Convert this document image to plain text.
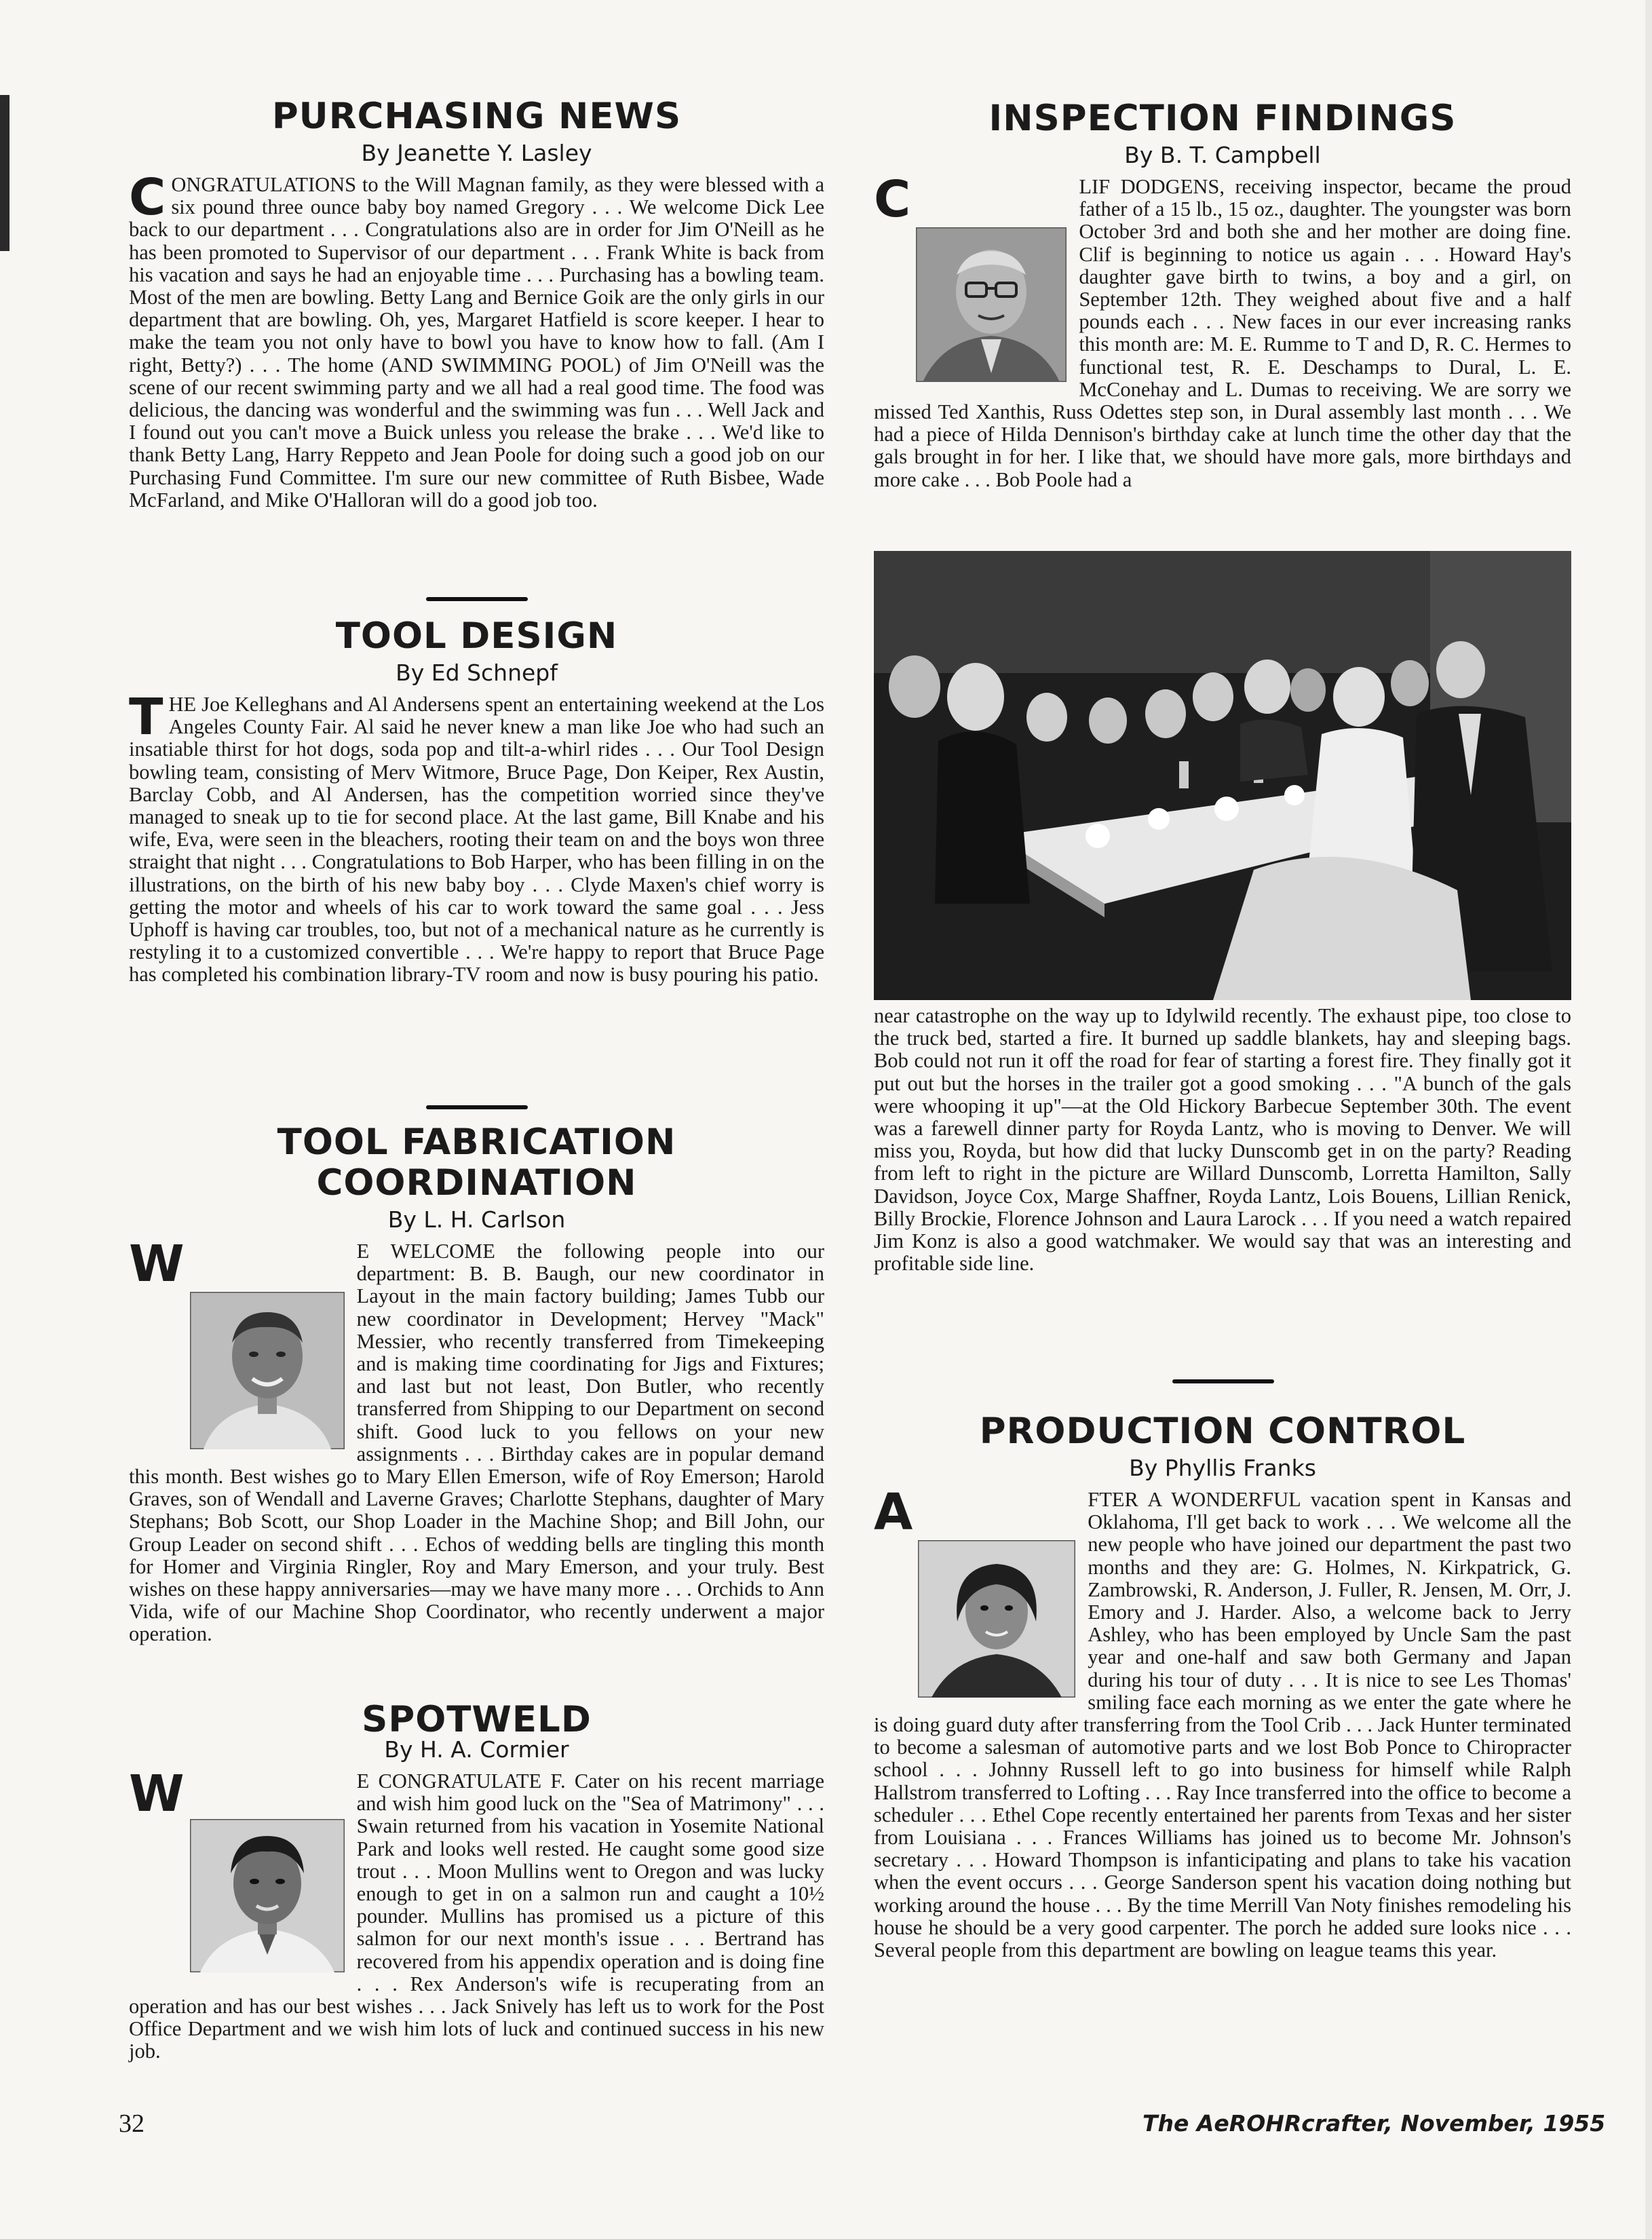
PURCHASING NEWS
By Jeanette Y. Lasley

CONGRATULATIONS to the Will Magnan family, as they were blessed with a six pound three ounce baby boy named Gregory . . . We welcome Dick Lee back to our department . . . Congratulations also are in order for Jim O'Neill as he has been promoted to Supervisor of our department . . . Frank White is back from his vacation and says he had an enjoyable time . . . Purchasing has a bowling team. Most of the men are bowling. Betty Lang and Bernice Goik are the only girls in our department that are bowling. Oh, yes, Margaret Hatfield is score keeper. I hear to make the team you not only have to bowl you have to know how to fall. (Am I right, Betty?) . . . The home (AND SWIMMING POOL) of Jim O'Neill was the scene of our recent swimming party and we all had a real good time. The food was delicious, the dancing was wonderful and the swimming was fun . . . Well Jack and I found out you can't move a Buick unless you release the brake . . . We'd like to thank Betty Lang, Harry Reppeto and Jean Poole for doing such a good job on our Purchasing Fund Committee. I'm sure our new committee of Ruth Bisbee, Wade McFarland, and Mike O'Halloran will do a good job too.

TOOL DESIGN
By Ed Schnepf

THE Joe Kelleghans and Al Andersens spent an entertaining weekend at the Los Angeles County Fair. Al said he never knew a man like Joe who had such an insatiable thirst for hot dogs, soda pop and tilt-a-whirl rides . . . Our Tool Design bowling team, consisting of Merv Witmore, Bruce Page, Don Keiper, Rex Austin, Barclay Cobb, and Al Andersen, has the competition worried since they've managed to sneak up to tie for second place. At the last game, Bill Knabe and his wife, Eva, were seen in the bleachers, rooting their team on and the boys won three straight that night . . . Congratulations to Bob Harper, who has been filling in on the illustrations, on the birth of his new baby boy . . . Clyde Maxen's chief worry is getting the motor and wheels of his car to work toward the same goal . . . Jess Uphoff is having car troubles, too, but not of a mechanical nature as he currently is restyling it to a customized convertible . . . We're happy to report that Bruce Page has completed his combination library-TV room and now is busy pouring his patio.

TOOL FABRICATION
COORDINATION
By L. H. Carlson

W	E WELCOME the following people into our department: B. B. Baugh, our new coordinator in Layout in the main factory building; James Tubb our new coordinator in Development; Hervey "Mack" Messier, who recently transferred from Timekeeping and is making time coordinating for Jigs and Fixtures; and last but not least, Don Butler, who recently transferred from Shipping to our Department on second shift. Good luck to you fellows on your new assignments . . . Birthday cakes are in popular demand this month. Best wishes go to Mary Ellen Emerson, wife of Roy Emerson; Harold Graves, son of Wendall and Laverne Graves; Charlotte Stephans, daughter of Mary Stephans; Bob Scott, our Shop Loader in the Machine Shop; and Bill John, our Group Leader on second shift . . . Echos of wedding bells are tingling this month for Homer and Virginia Ringler, Roy and Mary Emerson, and your truly. Best wishes on these happy anniversaries—may we have many more . . . Orchids to Ann Vida, wife of our Machine Shop Coordinator, who recently underwent a major operation.

SPOTWELD
By H. A. Cormier

W	E CONGRATULATE F. Cater on his recent marriage and wish him good luck on the "Sea of Matrimony" . . . Swain returned from his vacation in Yosemite National Park and looks well rested. He caught some good size trout . . . Moon Mullins went to Oregon and was lucky enough to get in on a salmon run and caught a 10½ pounder. Mullins has promised us a picture of this salmon for our next month's issue . . . Bertrand has recovered from his appendix operation and is doing fine . . . Rex Anderson's wife is recuperating from an operation and has our best wishes . . . Jack Snively has left us to work for the Post Office Department and we wish him lots of luck and continued success in his new job.

32
INSPECTION FINDINGS
By B. T. Campbell

C	LIF DODGENS, receiving inspector, became the proud father of a 15 lb., 15 oz., daughter. The youngster was born October 3rd and both she and her mother are doing fine. Clif is beginning to notice us again . . . Howard Hay's daughter gave birth to twins, a boy and a girl, on September 12th. They weighed about five and a half pounds each . . . New faces in our ever increasing ranks this month are: M. E. Rumme to T and D, R. C. Hermes to functional test, R. E. Deschamps to Dural, L. E. McConehay and L. Dumas to receiving. We are sorry we missed Ted Xanthis, Russ Odettes step son, in Dural assembly last month . . . We had a piece of Hilda Dennison's birthday cake at lunch time the other day that the gals brought in for her. I like that, we should have more gals, more birthdays and more cake . . . Bob Poole had a

near catastrophe on the way up to Idylwild recently. The exhaust pipe, too close to the truck bed, started a fire. It burned up saddle blankets, hay and sleeping bags. Bob could not run it off the road for fear of starting a forest fire. They finally got it put out but the horses in the trailer got a good smoking . . . "A bunch of the gals were whooping it up"—at the Old Hickory Barbecue September 30th. The event was a farewell dinner party for Royda Lantz, who is moving to Denver. We will miss you, Royda, but how did that lucky Dunscomb get in on the party? Reading from left to right in the picture are Willard Dunscomb, Lorretta Hamilton, Sally Davidson, Joyce Cox, Marge Shaffner, Royda Lantz, Lois Bouens, Lillian Renick, Billy Brockie, Florence Johnson and Laura Larock . . . If you need a watch repaired Jim Konz is also a good watchmaker. We would say that was an interesting and profitable side line.

PRODUCTION CONTROL
By Phyllis Franks

A	FTER A WONDERFUL vacation spent in Kansas and Oklahoma, I'll get back to work . . . We welcome all the new people who have joined our department the past two months and they are: G. Holmes, N. Kirkpatrick, G. Zambrowski, R. Anderson, J. Fuller, R. Jensen, M. Orr, J. Emory and J. Harder. Also, a welcome back to Jerry Ashley, who has been employed by Uncle Sam the past year and one-half and saw both Germany and Japan during his tour of duty . . . It is nice to see Les Thomas' smiling face each morning as we enter the gate where he is doing guard duty after transferring from the Tool Crib . . . Jack Hunter terminated to become a salesman of automotive parts and we lost Bob Ponce to Chiropracter school . . . Johnny Russell left to go into business for himself while Ralph Hallstrom transferred to Lofting . . . Ray Ince transferred into the office to become a scheduler . . . Ethel Cope recently entertained her parents from Texas and her sister from Louisiana . . . Frances Williams has joined us to become Mr. Johnson's secretary . . . Howard Thompson is infanticipating and plans to take his vacation when the event occurs . . . George Sanderson spent his vacation doing nothing but working around the house . . . By the time Merrill Van Noty finishes remodeling his house he should be a very good carpenter. The porch he added sure looks nice . . . Several people from this department are bowling on league teams this year.

The AeROHRcrafter, November, 1955
